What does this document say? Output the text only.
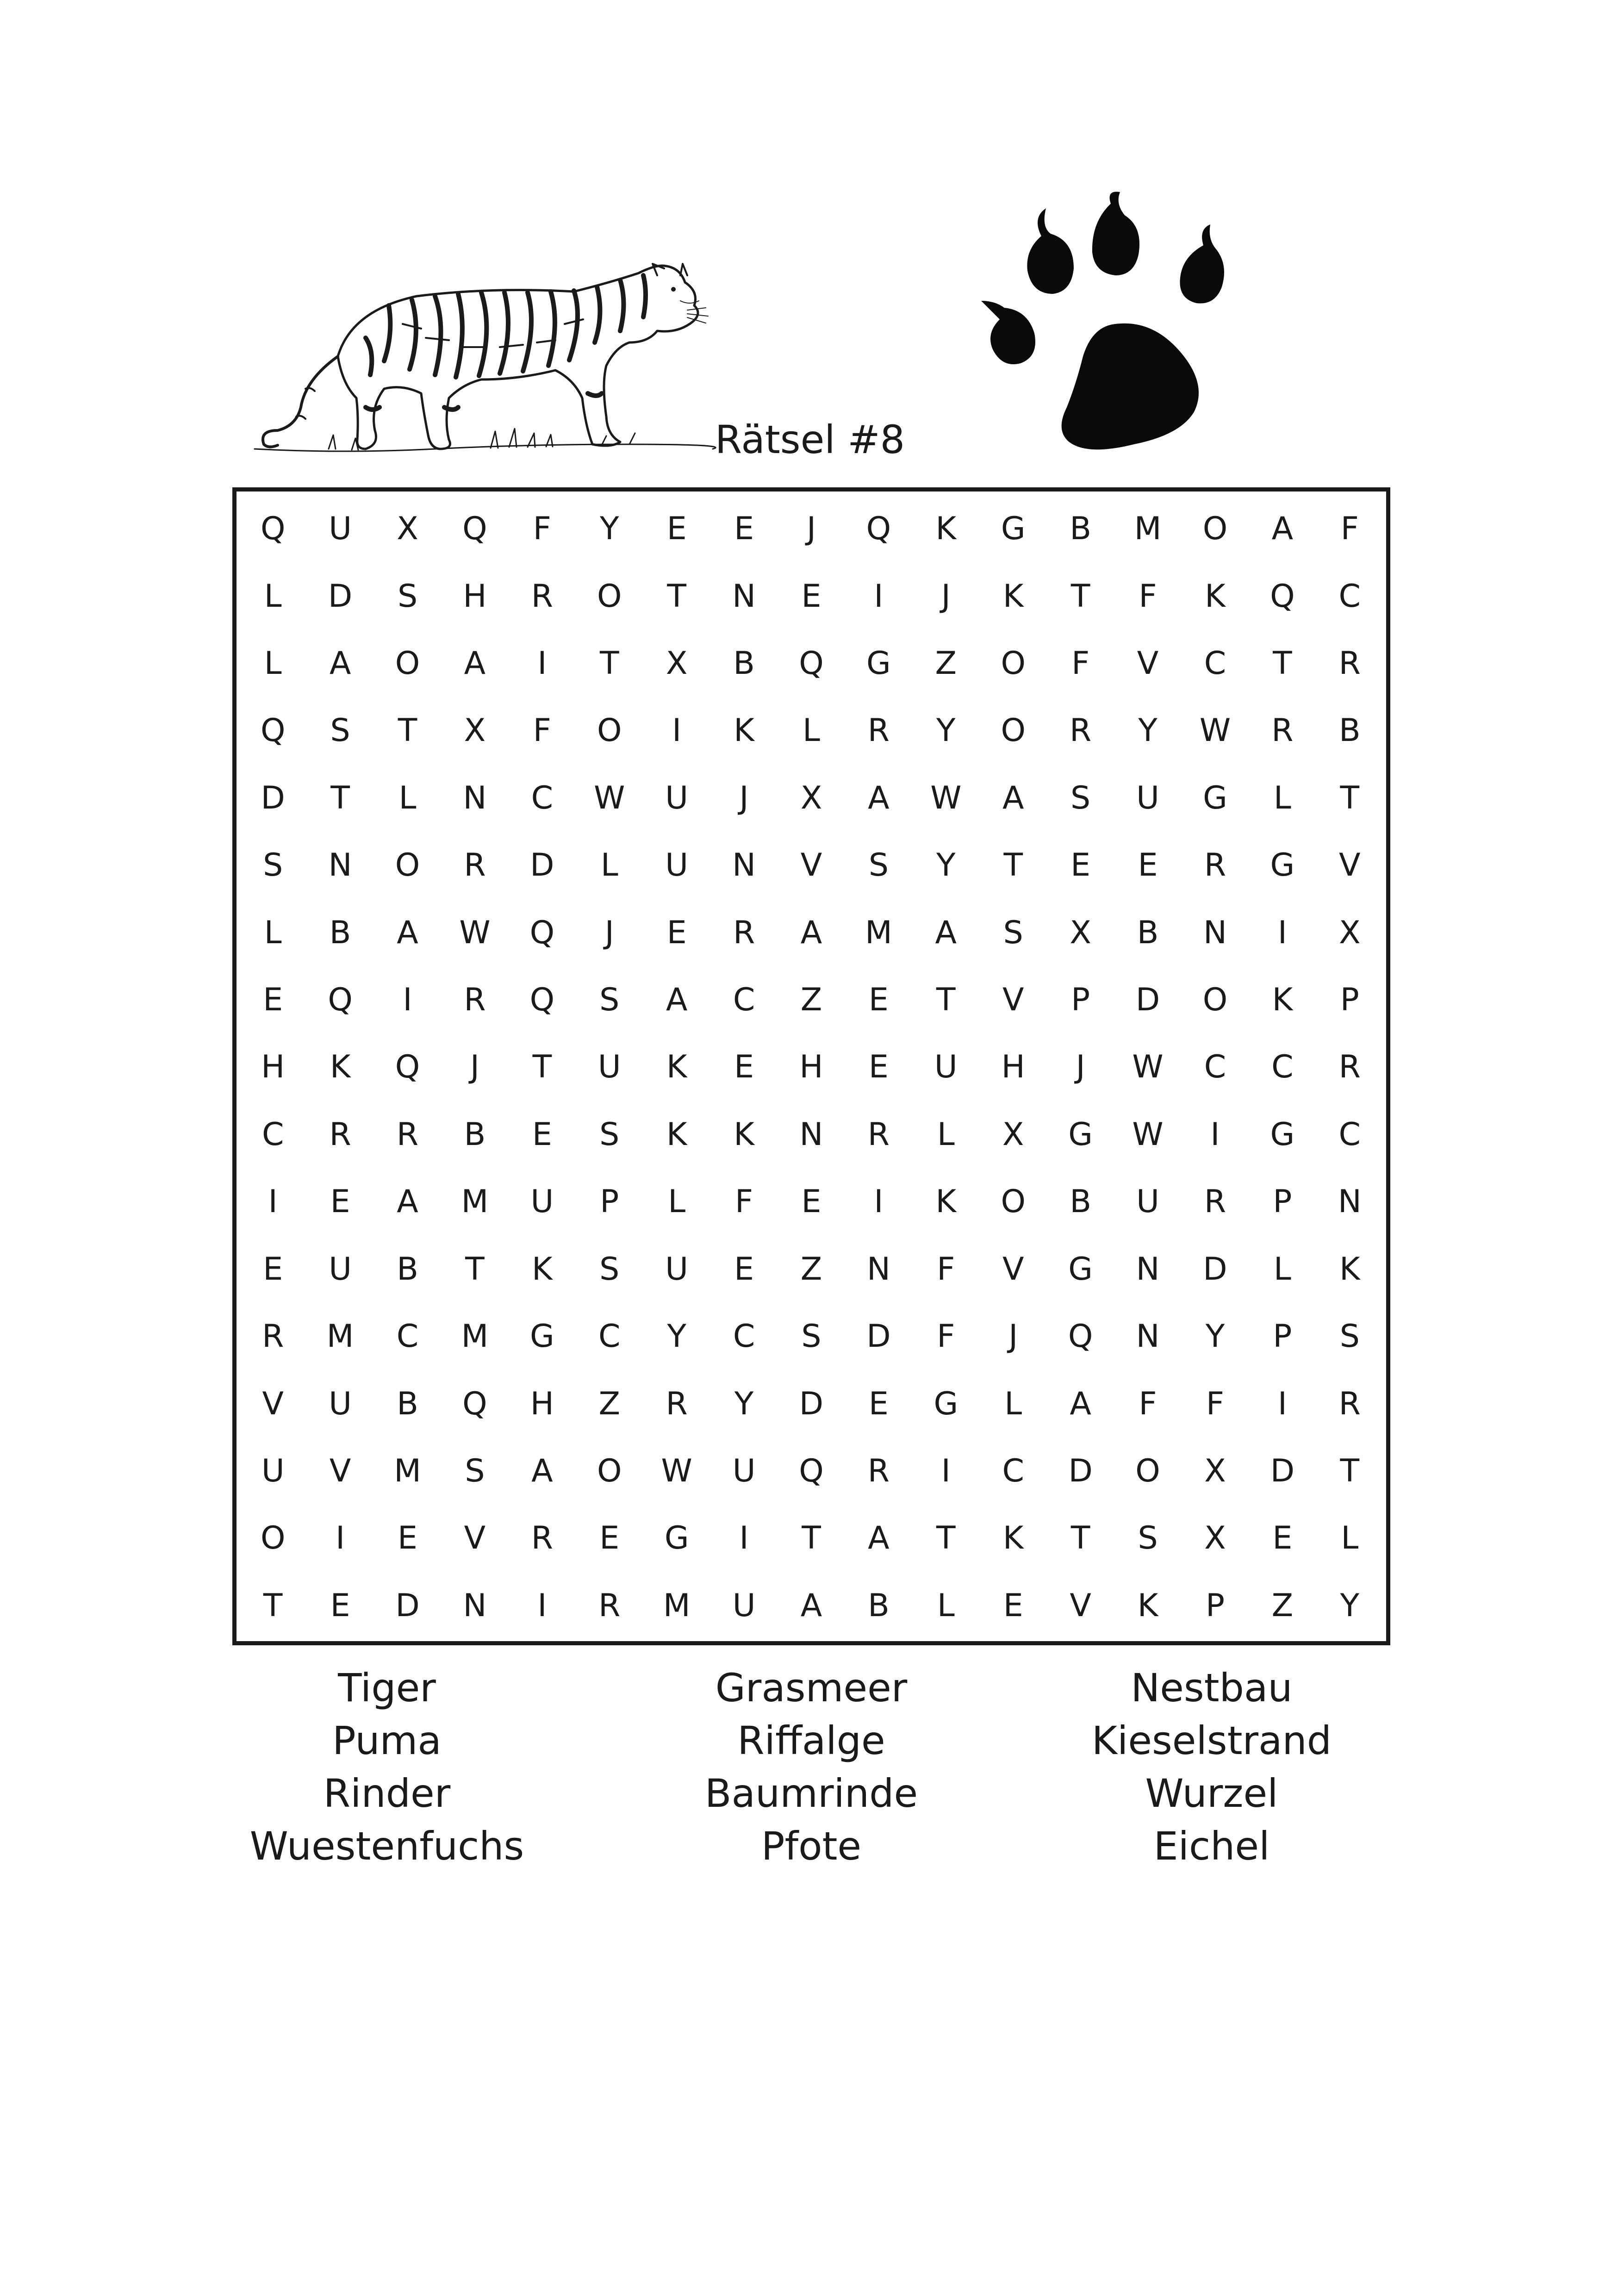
Rätsel #8
Q	U	X	Q	F	Y	E	E	J	Q	K	G	B	M	O	A	F
L	D	S	H	R	O	T	N	E	I	J	K	T	F	K	Q	C
L	A	O	A	I	T	X	B	Q	G	Z	O	F	V	C	T	R
Q	S	T	X	F	O	I	K	L	R	Y	O	R	Y	W	R	B
D	T	L	N	C	W	U	J	X	A	W	A	S	U	G	L	T
S	N	O	R	D	L	U	N	V	S	Y	T	E	E	R	G	V
L	B	A	W	Q	J	E	R	A	M	A	S	X	B	N	I	X
E	Q	I	R	Q	S	A	C	Z	E	T	V	P	D	O	K	P
H	K	Q	J	T	U	K	E	H	E	U	H	J	W	C	C	R
C	R	R	B	E	S	K	K	N	R	L	X	G	W	I	G	C
I	E	A	M	U	P	L	F	E	I	K	O	B	U	R	P	N
E	U	B	T	K	S	U	E	Z	N	F	V	G	N	D	L	K
R	M	C	M	G	C	Y	C	S	D	F	J	Q	N	Y	P	S
V	U	B	Q	H	Z	R	Y	D	E	G	L	A	F	F	I	R
U	V	M	S	A	O	W	U	Q	R	I	C	D	O	X	D	T
O	I	E	V	R	E	G	I	T	A	T	K	T	S	X	E	L
T	E	D	N	I	R	M	U	A	B	L	E	V	K	P	Z	Y
Tiger
Puma
Rinder
Wuestenfuchs
Grasmeer
Riffalge
Baumrinde
Pfote
Nestbau
Kieselstrand
Wurzel
Eichel
